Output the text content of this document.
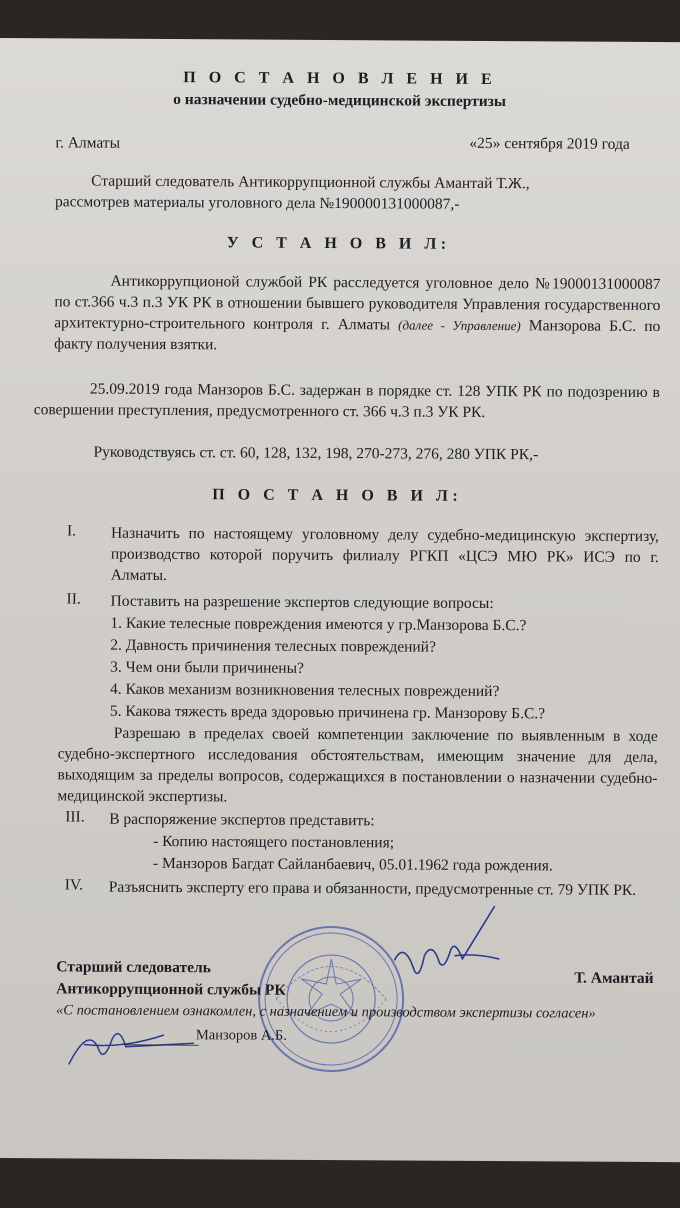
П О С Т А Н О В Л Е Н И Е
о назначении судебно-медицинской экспертизы
г. Алматы	«25» сентября 2019 года
Старший следователь Антикоррупционной службы Амантай Т.Ж.,
рассмотрев материалы уголовного дела №190000131000087,-
У С Т А Н О В И Л:
Антикоррупционой службой РК расследуется уголовное дело №19000131000087 по ст.366 ч.3 п.3 УК РК в отношении бывшего руководителя Управления государственного архитектурно-строительного контроля г. Алматы (далее - Управление) Манзорова Б.С. по факту получения взятки.
25.09.2019 года Манзоров Б.С. задержан в порядке ст. 128 УПК РК по подозрению в совершении преступления, предусмотренного ст. 366 ч.3 п.3 УК РК.
Руководствуясь ст. ст. 60, 128, 132, 198, 270-273, 276, 280 УПК РК,-
П О С Т А Н О В И Л:
I.	Назначить по настоящему уголовному делу судебно-медицинскую экспертизу, производство которой поручить филиалу РГКП «ЦСЭ МЮ РК» ИСЭ по г. Алматы.
II.	Поставить на разрешение экспертов следующие вопросы:
1. Какие телесные повреждения имеются у гр.Манзорова Б.С.?
2. Давность причинения телесных повреждений?
3. Чем они были причинены?
4. Каков механизм возникновения телесных повреждений?
5. Какова тяжесть вреда здоровью причинена гр. Манзорову Б.С.?
Разрешаю в пределах своей компетенции заключение по выявленным в ходе судебно-экспертного исследования обстоятельствам, имеющим значение для дела, выходящим за пределы вопросов, содержащихся в постановлении о назначении судебно-медицинской экспертизы.
III.	В распоряжение экспертов представить:
- Копию настоящего постановления;
- Манзоров Багдат Сайланбаевич, 05.01.1962 года рождения.
IV.	Разъяснить эксперту его права и обязанности, предусмотренные ст. 79 УПК РК.
Старший следователь
Антикоррупционной службы РК
Т. Амантай
«С постановлением ознакомлен, с назначением и производством экспертизы согласен»
Манзоров А.Б.
